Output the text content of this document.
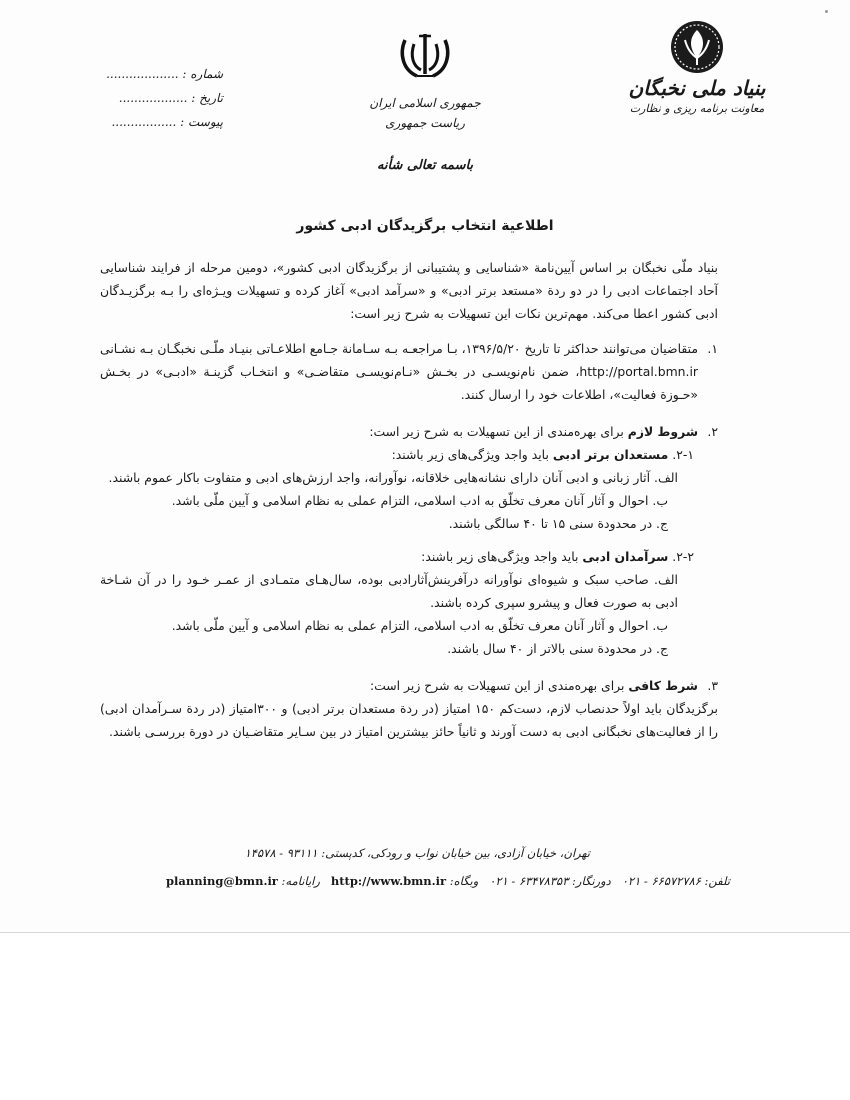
شماره : ...................
تاریخ : ..................
پیوست : .................
جمهوری اسلامی ایران
ریاست جمهوری
بنیاد ملی نخبگان
معاونت برنامه ریزی و نظارت
باسمه تعالی شأنه
اطلاعیة انتخاب برگزیدگان ادبی کشور

بنیاد ملّی نخبگان بر اساس آیین‌نامة «شناسایی و پشتیبانی از برگزیدگان ادبی کشور»، دومین مرحله از فرایند شناسایی آحاد اجتماعات ادبی را در دو ردة «مستعد برتر ادبی» و «سرآمد ادبی» آغاز کرده و تسهیلات ویـژه‌ای را بـه برگزیـدگان ادبی کشور اعطا می‌کند. مهم‌ترین نکات این تسهیلات به شرح زیر است:

۱.

متقاضیان می‌توانند حداکثر تا تاریخ ۱۳۹۶/۵/۲۰، بـا مراجعـه بـه سـامانة جـامع اطلاعـاتی بنیـاد ملّـی نخبگـان بـه نشـانی http://portal.bmn.ir، ضمن نام‌نویسـی در بخـش «نـام‌نویسـی متقاضـی» و انتخـاب گزینـة «ادبـی» در بخـش «حـوزة فعالیت»، اطلاعات خود را ارسال کنند.

۲.

شروط لازم برای بهره‌مندی از این تسهیلات به شرح زیر است:

۲-۱. مستعدان برتر ادبی باید واجد ویژگی‌های زیر باشند:

الف. آثار زبانی و ادبی آنان دارای نشانه‌هایی خلاقانه، نوآورانه، واجد ارزش‌های ادبی و متفاوت باکار عموم باشند.

ب. احوال و آثار آنان معرف تخلّق به ادب اسلامی، التزام عملی به نظام اسلامی و آیین ملّی باشد.

ج. در محدودة سنی ۱۵ تا ۴۰ سالگی باشند.

۲-۲. سرآمدان ادبی باید واجد ویژگی‌های زیر باشند:

الف. صاحب سبک و شیوه‌ای نوآورانه درآفرینش‌آثارادبی بوده، سال‌هـای متمـادی از عمـر خـود را در آن شـاخة ادبی به صورت فعال و پیشرو سپری کرده باشند.

ب. احوال و آثار آنان معرف تخلّق به ادب اسلامی، التزام عملی به نظام اسلامی و آیین ملّی باشد.

ج. در محدودة سنی بالاتر از ۴۰ سال باشند.

۳.

شرط کافی برای بهره‌مندی از این تسهیلات به شرح زیر است:

برگزیدگان باید اولاً حدنصاب لازم، دست‌کم ۱۵۰ امتیاز (در ردة مستعدان برتر ادبی) و ۳۰۰امتیاز (در ردة سـرآمدان ادبی) را از فعالیت‌های نخبگانی ادبی به دست آورند و ثانیاً حائز بیشترین امتیاز در بین سـایر متقاضـیان در دورة بررسـی باشند.

تهران، خیابان آزادی، بین خیابان نواب و رودکی، کدپستی: ۹۳۱۱۱ - ۱۴۵۷۸
تلفن: ۶۶۵۷۲۷۸۶ - ۰۲۱   دورنگار: ۶۳۴۷۸۳۵۳ - ۰۲۱   وبگاه: http://www.bmn.ir   رایانامه: planning@bmn.ir
